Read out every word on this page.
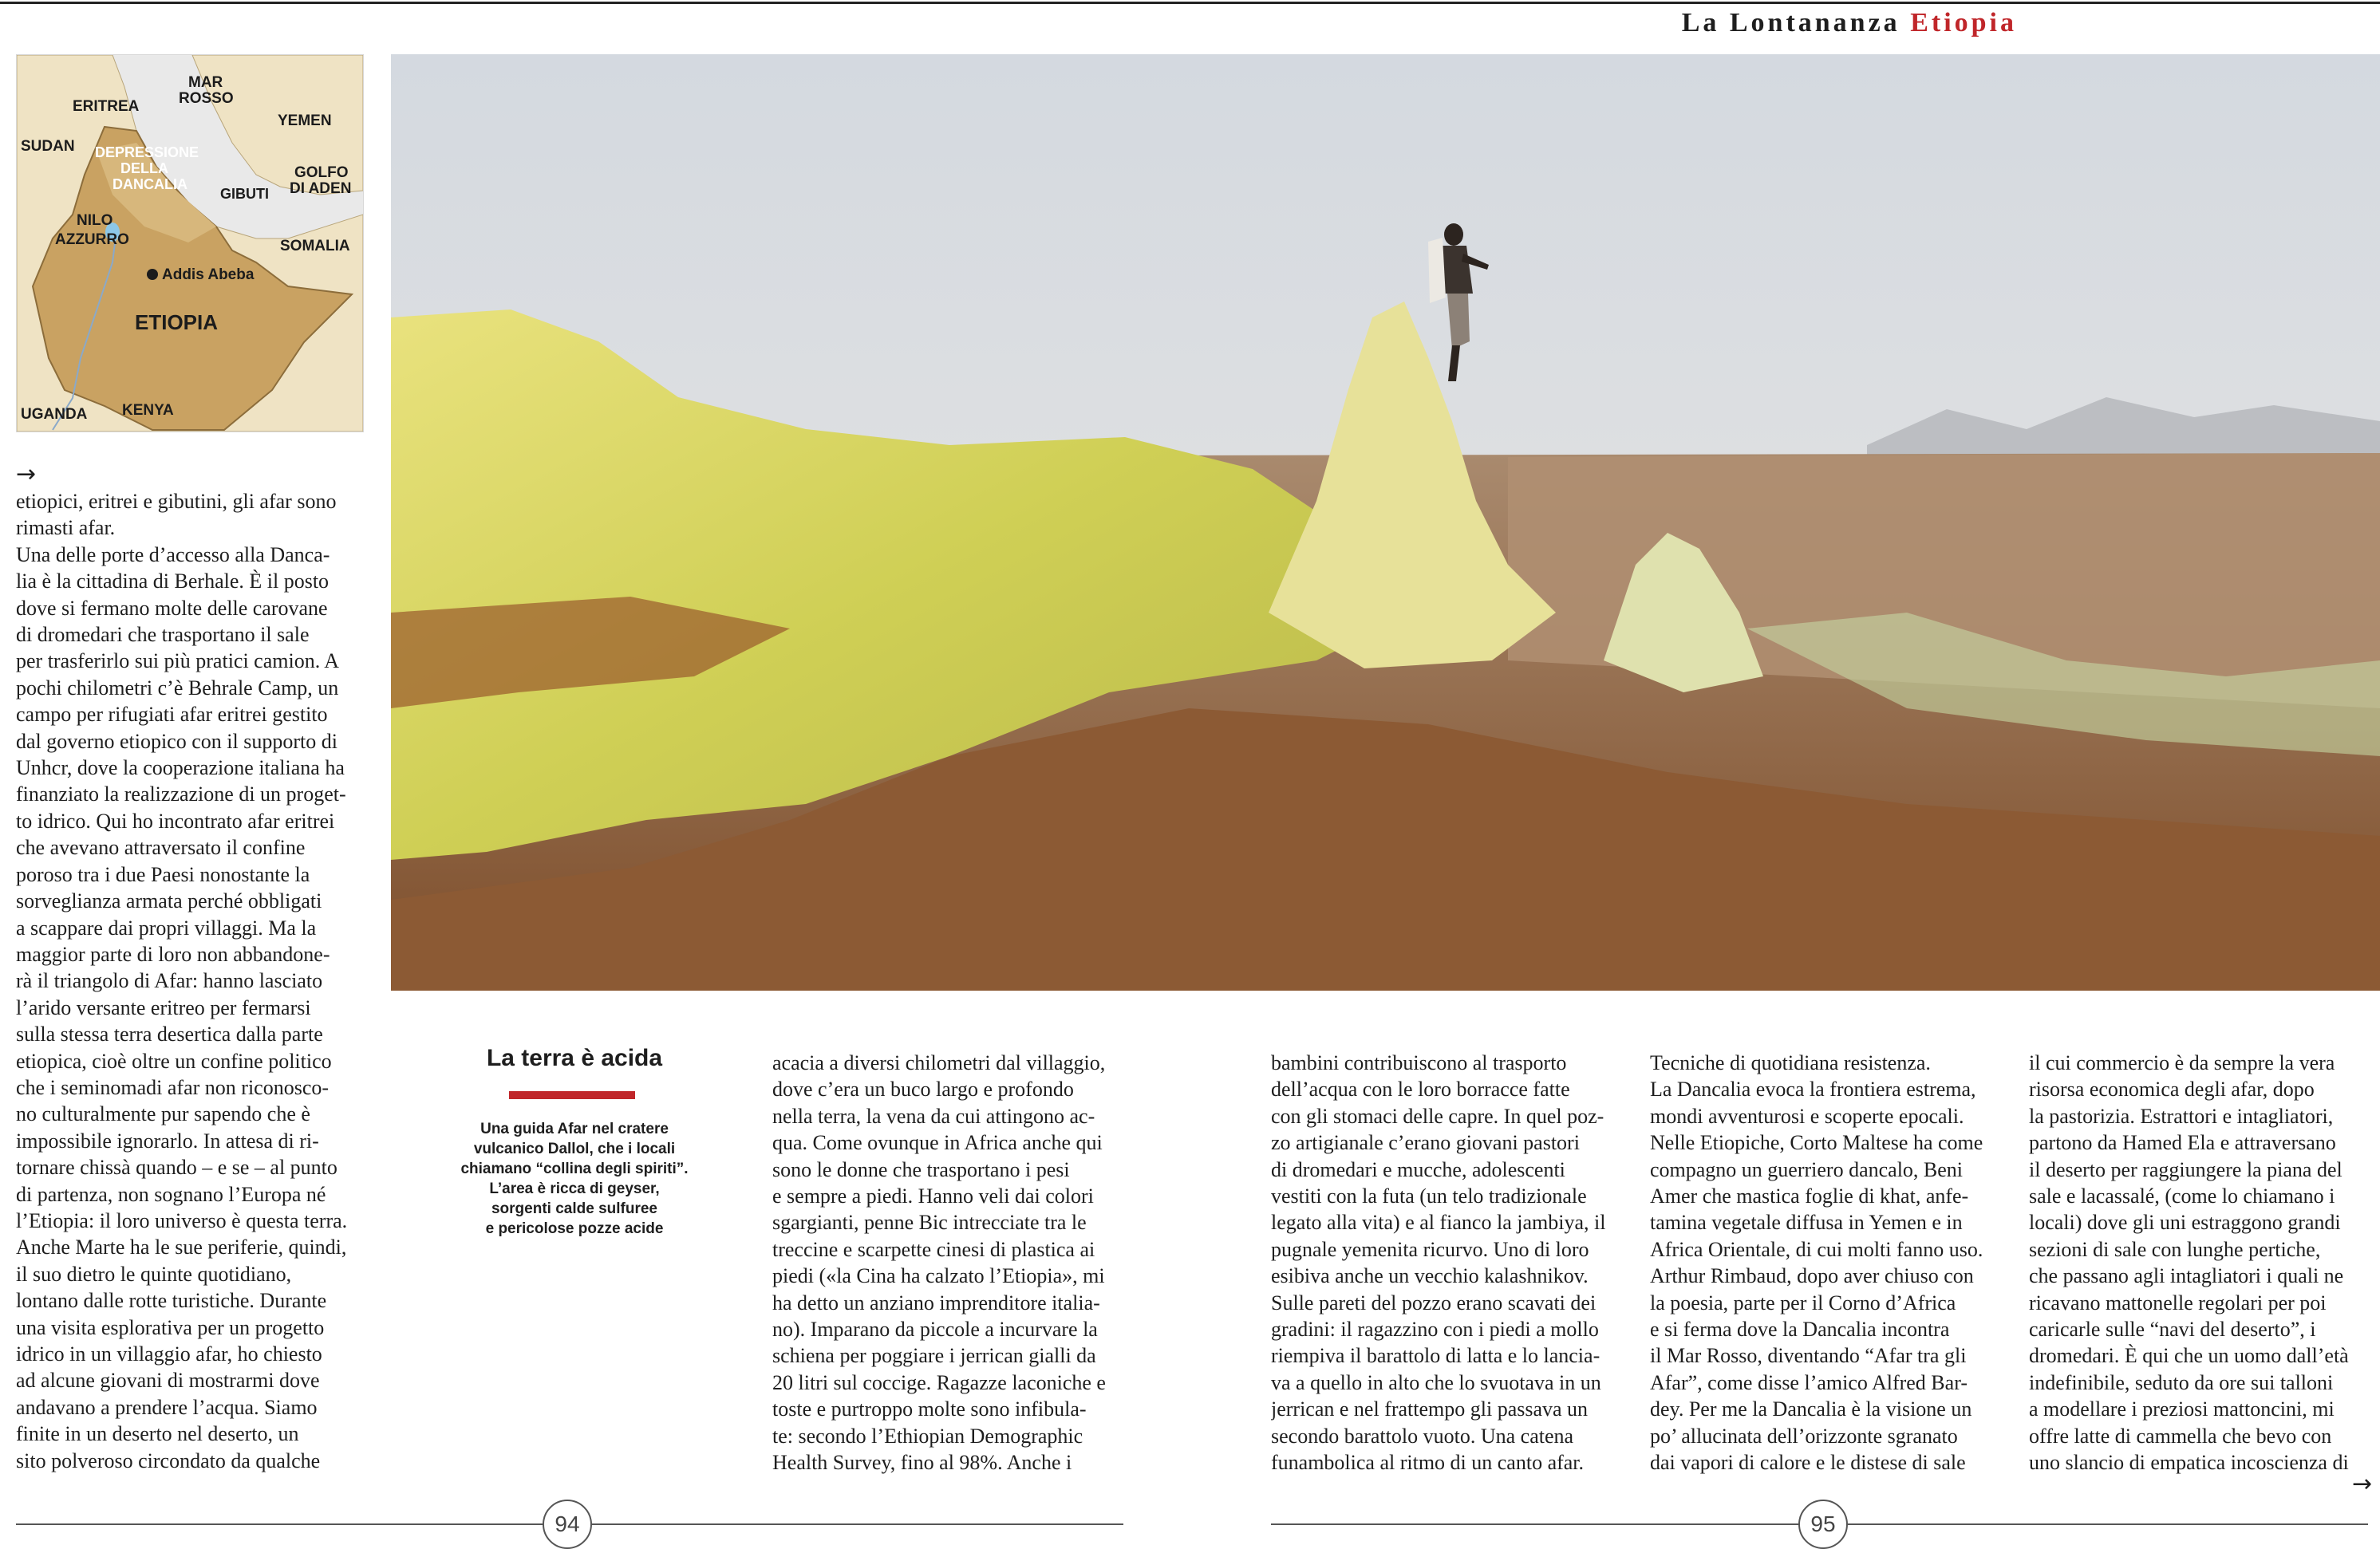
La Lontananza Etiopia
MAR
ROSSO
ERITREA
YEMEN
SUDAN DEPRESSIONE
DELLA
DANCALIA
GIBUTI
GOLFO
DI ADEN
NILO
AZZURRO	SOMALIA
Addis Abeba
ETIOPIA
UGANDA KENYA
→
→

etiopici, eritrei e gibutini, gli afar sono

rimasti afar.

Una delle porte d’accesso alla Danca-

lia è la cittadina di Berhale. È il posto

dove si fermano molte delle carovane

di dromedari che trasportano il sale

per trasferirlo sui più pratici camion. A

pochi chilometri c’è Behrale Camp, un

campo per rifugiati afar eritrei gestito

dal governo etiopico con il supporto di

Unhcr, dove la cooperazione italiana ha

finanziato la realizzazione di un proget-

to idrico. Qui ho incontrato afar eritrei

che avevano attraversato il confine

poroso tra i due Paesi nonostante la

sorveglianza armata perché obbligati

a scappare dai propri villaggi. Ma la

maggior parte di loro non abbandone-

rà il triangolo di Afar: hanno lasciato

l’arido versante eritreo per fermarsi

sulla stessa terra desertica dalla parte

etiopica, cioè oltre un confine politico

che i seminomadi afar non riconosco-

no culturalmente pur sapendo che è

impossibile ignorarlo. In attesa di ri-

tornare chissà quando – e se – al punto

di partenza, non sognano l’Europa né

l’Etiopia: il loro universo è questa terra.

Anche Marte ha le sue periferie, quindi,

il suo dietro le quinte quotidiano,

lontano dalle rotte turistiche. Durante

una visita esplorativa per un progetto

idrico in un villaggio afar, ho chiesto

ad alcune giovani di mostrarmi dove

andavano a prendere l’acqua. Siamo

finite in un deserto nel deserto, un

sito polveroso circondato da qualche

La terra è acida
Una guida Afar nel cratere
vulcanico Dallol, che i locali
chiamano “collina degli spiriti”.
L’area è ricca di geyser,
sorgenti calde sulfuree
e pericolose pozze acide

acacia a diversi chilometri dal villaggio,

dove c’era un buco largo e profondo

nella terra, la vena da cui attingono ac-

qua. Come ovunque in Africa anche qui

sono le donne che trasportano i pesi

e sempre a piedi. Hanno veli dai colori

sgargianti, penne Bic intrecciate tra le

treccine e scarpette cinesi di plastica ai

piedi («la Cina ha calzato l’Etiopia», mi

ha detto un anziano imprenditore italia-

no). Imparano da piccole a incurvare la

schiena per poggiare i jerrican gialli da

20 litri sul coccige. Ragazze laconiche e

toste e purtroppo molte sono infibula-

te: secondo l’Ethiopian Demographic

Health Survey, fino al 98%. Anche i

bambini contribuiscono al trasporto

dell’acqua con le loro borracce fatte

con gli stomaci delle capre. In quel poz-

zo artigianale c’erano giovani pastori

di dromedari e mucche, adolescenti

vestiti con la futa (un telo tradizionale

legato alla vita) e al fianco la jambiya, il

pugnale yemenita ricurvo. Uno di loro

esibiva anche un vecchio kalashnikov.

Sulle pareti del pozzo erano scavati dei

gradini: il ragazzino con i piedi a mollo

riempiva il barattolo di latta e lo lancia-

va a quello in alto che lo svuotava in un

jerrican e nel frattempo gli passava un

secondo barattolo vuoto. Una catena

funambolica al ritmo di un canto afar.

Tecniche di quotidiana resistenza.

La Dancalia evoca la frontiera estrema,

mondi avventurosi e scoperte epocali.

Nelle Etiopiche, Corto Maltese ha come

compagno un guerriero dancalo, Beni

Amer che mastica foglie di khat, anfe-

tamina vegetale diffusa in Yemen e in

Africa Orientale, di cui molti fanno uso.

Arthur Rimbaud, dopo aver chiuso con

la poesia, parte per il Corno d’Africa

e si ferma dove la Dancalia incontra

il Mar Rosso, diventando “Afar tra gli

Afar”, come disse l’amico Alfred Bar-

dey. Per me la Dancalia è la visione un

po’ allucinata dell’orizzonte sgranato

dai vapori di calore e le distese di sale

il cui commercio è da sempre la vera

risorsa economica degli afar, dopo

la pastorizia. Estrattori e intagliatori,

partono da Hamed Ela e attraversano

il deserto per raggiungere la piana del

sale e lacassalé, (come lo chiamano i

locali) dove gli uni estraggono grandi

sezioni di sale con lunghe pertiche,

che passano agli intagliatori i quali ne

ricavano mattonelle regolari per poi

caricarle sulle “navi del deserto”, i

dromedari. È qui che un uomo dall’età

indefinibile, seduto da ore sui talloni

a modellare i preziosi mattoncini, mi

offre latte di cammella che bevo con

uno slancio di empatica incoscienza di

94	95
